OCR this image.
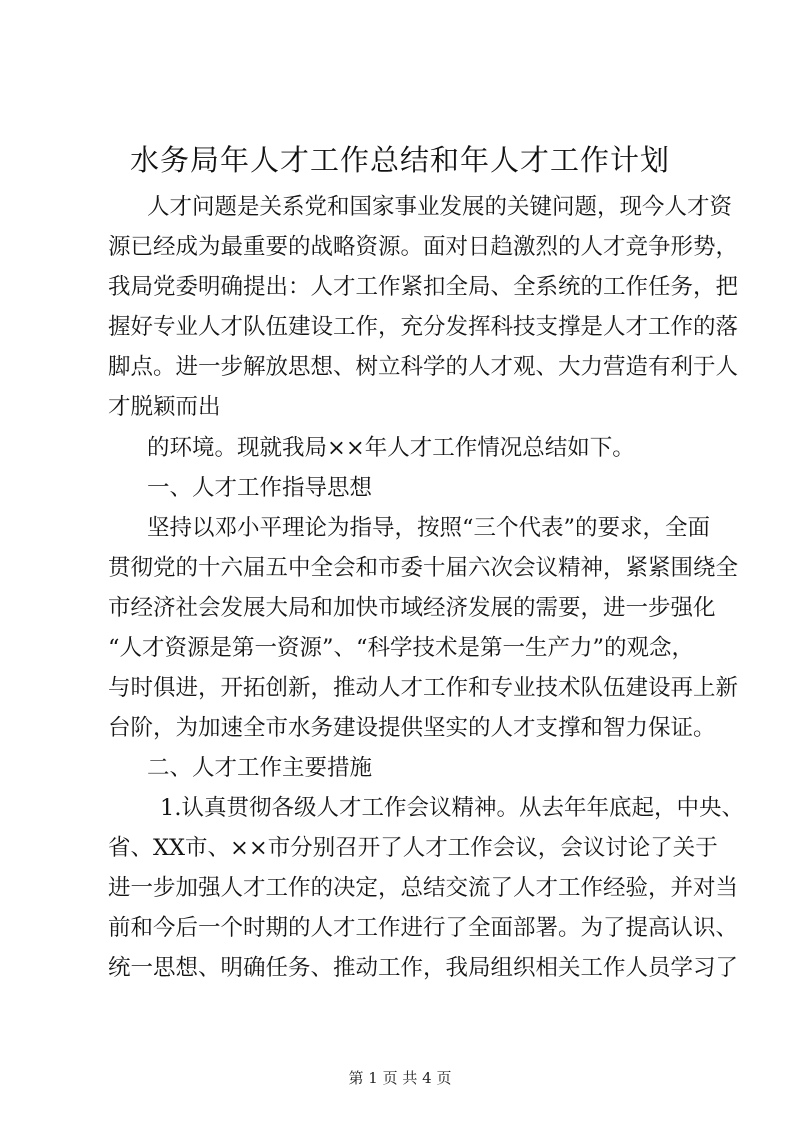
水务局年人才工作总结和年人才工作计划
人才问题是关系党和国家事业发展的关键问题，现今人才资
源已经成为最重要的战略资源。面对日趋激烈的人才竞争形势，
我局党委明确提出：人才工作紧扣全局、全系统的工作任务，把
握好专业人才队伍建设工作，充分发挥科技支撑是人才工作的落
脚点。进一步解放思想、树立科学的人才观、大力营造有利于人
才脱颖而出
的环境。现就我局××年人才工作情况总结如下。
一、人才工作指导思想
坚持以邓小平理论为指导，按照“三个代表”的要求，全面
贯彻党的十六届五中全会和市委十届六次会议精神，紧紧围绕全
市经济社会发展大局和加快市域经济发展的需要，进一步强化
“人才资源是第一资源”、“科学技术是第一生产力”的观念，
与时俱进，开拓创新，推动人才工作和专业技术队伍建设再上新
台阶，为加速全市水务建设提供坚实的人才支撑和智力保证。
二、人才工作主要措施
1.认真贯彻各级人才工作会议精神。从去年年底起，中央、
省、XX市、××市分别召开了人才工作会议，会议讨论了关于
进一步加强人才工作的决定，总结交流了人才工作经验，并对当
前和今后一个时期的人才工作进行了全面部署。为了提高认识、
统一思想、明确任务、推动工作，我局组织相关工作人员学习了
第 1 页 共 4 页
